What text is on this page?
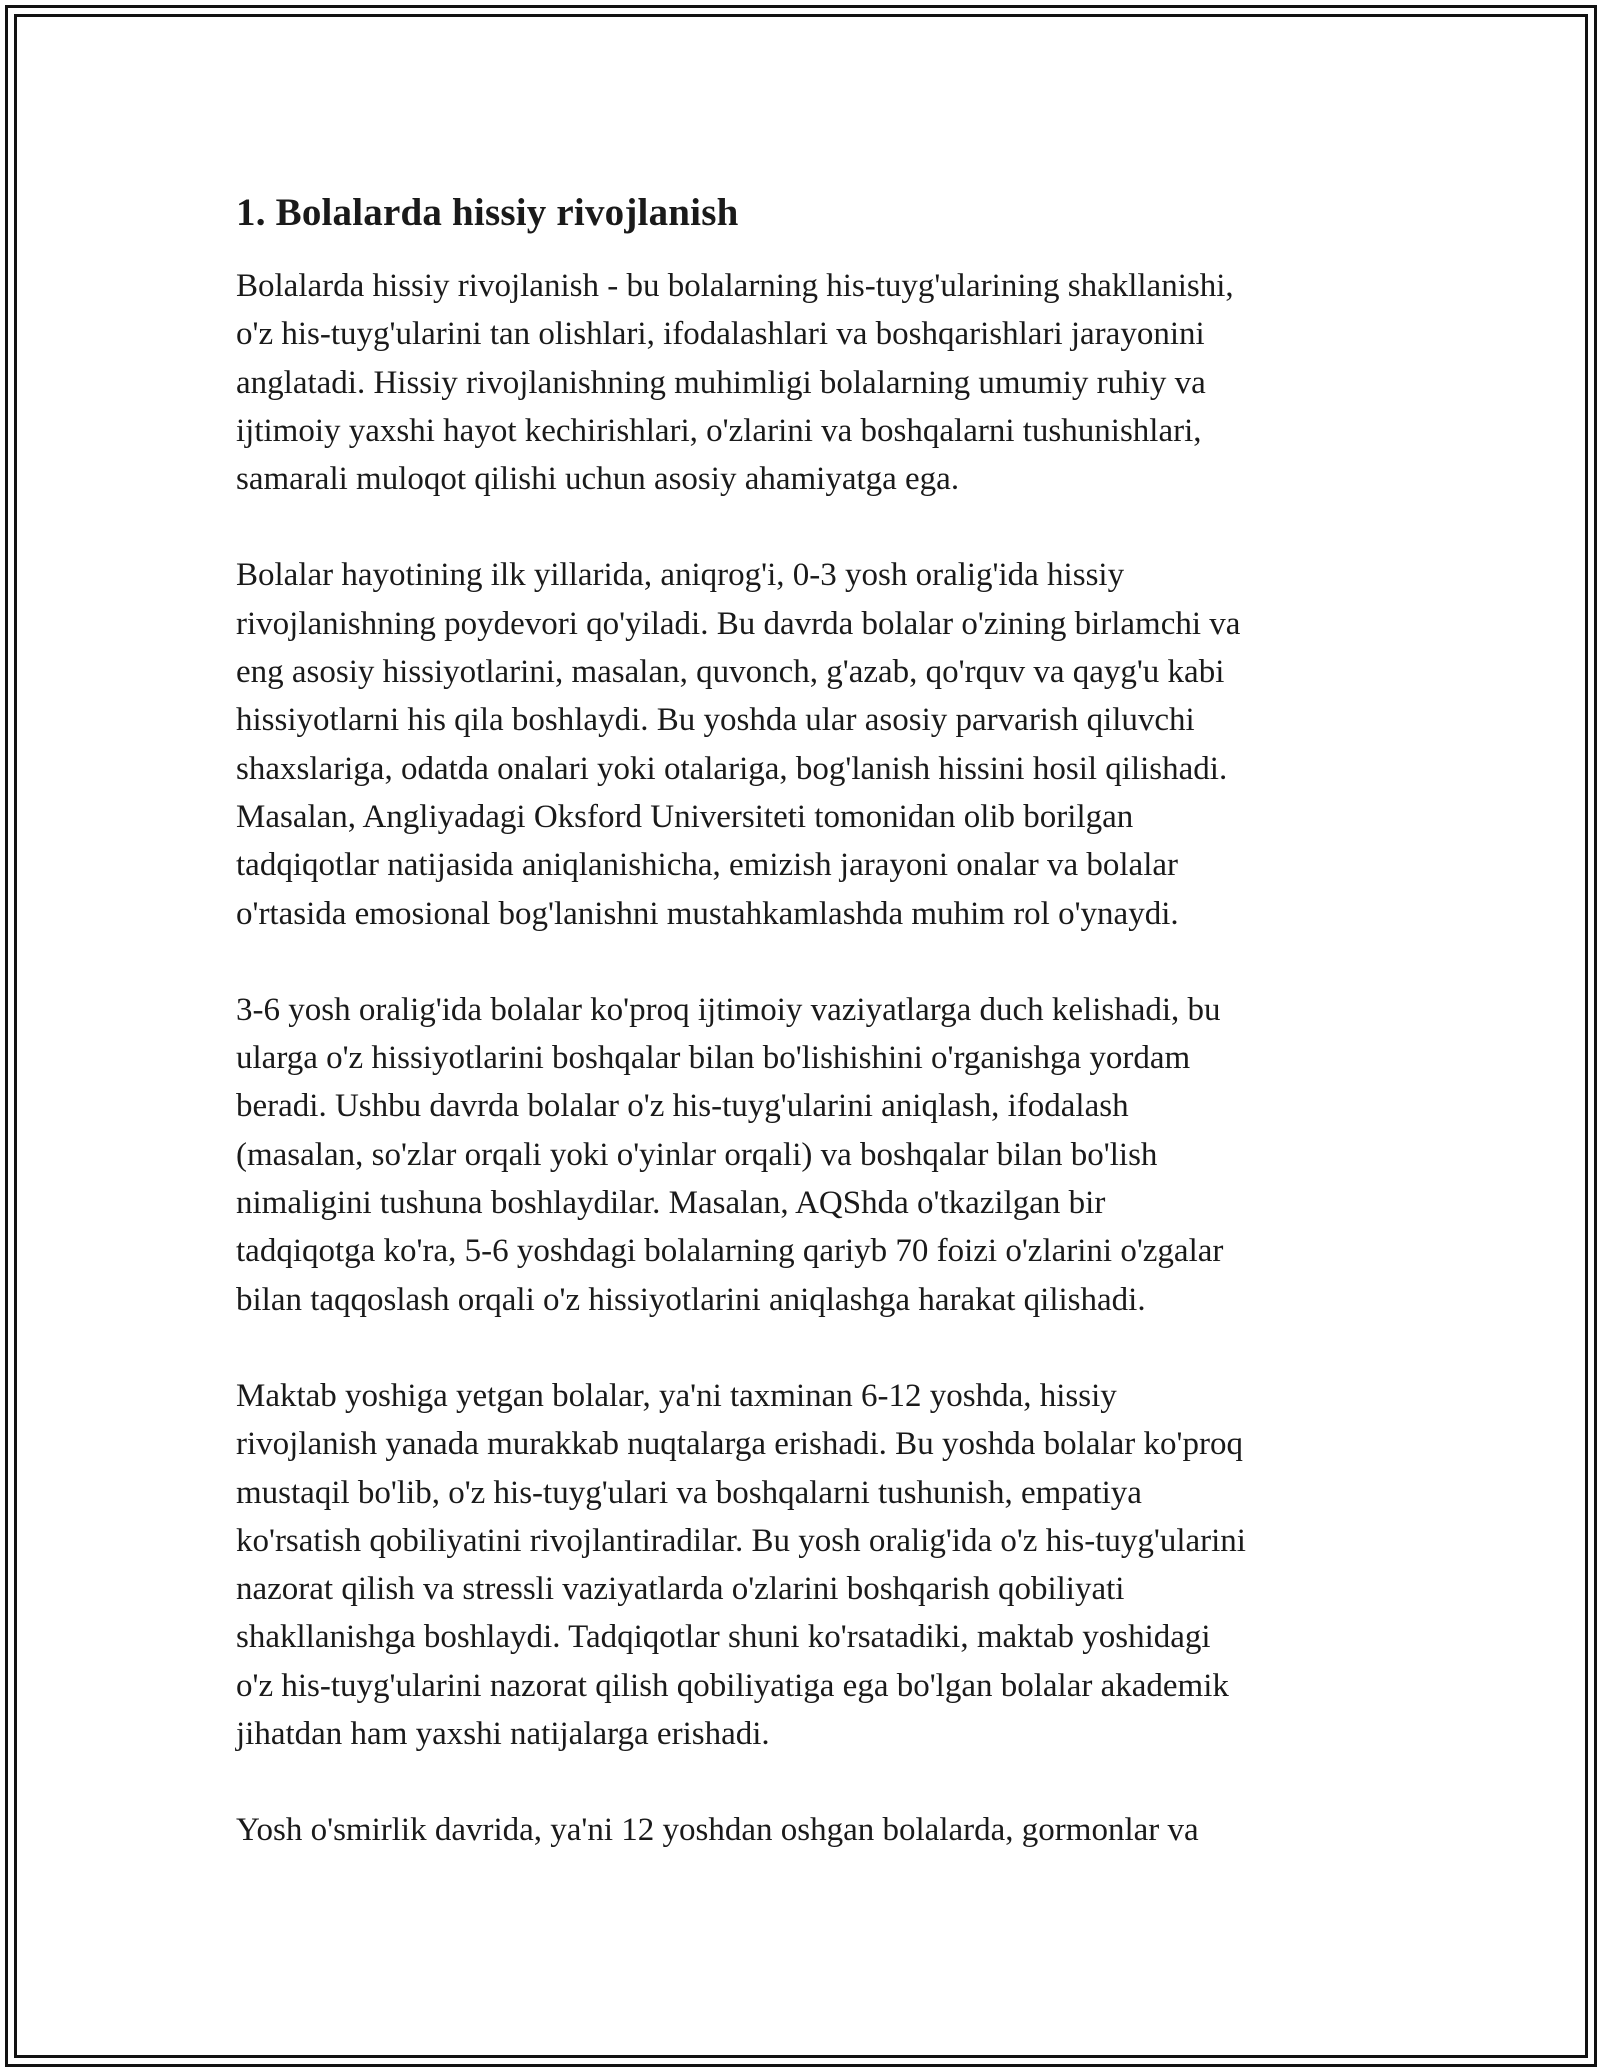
1. Bolalarda hissiy rivojlanish

Bolalarda hissiy rivojlanish - bu bolalarning his-tuyg'ularining shakllanishi,
o'z his-tuyg'ularini tan olishlari, ifodalashlari va boshqarishlari jarayonini
anglatadi. Hissiy rivojlanishning muhimligi bolalarning umumiy ruhiy va
ijtimoiy yaxshi hayot kechirishlari, o'zlarini va boshqalarni tushunishlari,
samarali muloqot qilishi uchun asosiy ahamiyatga ega.

Bolalar hayotining ilk yillarida, aniqrog'i, 0-3 yosh oralig'ida hissiy
rivojlanishning poydevori qo'yiladi. Bu davrda bolalar o'zining birlamchi va
eng asosiy hissiyotlarini, masalan, quvonch, g'azab, qo'rquv va qayg'u kabi
hissiyotlarni his qila boshlaydi. Bu yoshda ular asosiy parvarish qiluvchi
shaxslariga, odatda onalari yoki otalariga, bog'lanish hissini hosil qilishadi.
Masalan, Angliyadagi Oksford Universiteti tomonidan olib borilgan
tadqiqotlar natijasida aniqlanishicha, emizish jarayoni onalar va bolalar
o'rtasida emosional bog'lanishni mustahkamlashda muhim rol o'ynaydi.

3-6 yosh oralig'ida bolalar ko'proq ijtimoiy vaziyatlarga duch kelishadi, bu
ularga o'z hissiyotlarini boshqalar bilan bo'lishishini o'rganishga yordam
beradi. Ushbu davrda bolalar o'z his-tuyg'ularini aniqlash, ifodalash
(masalan, so'zlar orqali yoki o'yinlar orqali) va boshqalar bilan bo'lish
nimaligini tushuna boshlaydilar. Masalan, AQShda o'tkazilgan bir
tadqiqotga ko'ra, 5-6 yoshdagi bolalarning qariyb 70 foizi o'zlarini o'zgalar
bilan taqqoslash orqali o'z hissiyotlarini aniqlashga harakat qilishadi.

Maktab yoshiga yetgan bolalar, ya'ni taxminan 6-12 yoshda, hissiy
rivojlanish yanada murakkab nuqtalarga erishadi. Bu yoshda bolalar ko'proq
mustaqil bo'lib, o'z his-tuyg'ulari va boshqalarni tushunish, empatiya
ko'rsatish qobiliyatini rivojlantiradilar. Bu yosh oralig'ida o'z his-tuyg'ularini
nazorat qilish va stressli vaziyatlarda o'zlarini boshqarish qobiliyati
shakllanishga boshlaydi. Tadqiqotlar shuni ko'rsatadiki, maktab yoshidagi
o'z his-tuyg'ularini nazorat qilish qobiliyatiga ega bo'lgan bolalar akademik
jihatdan ham yaxshi natijalarga erishadi.

Yosh o'smirlik davrida, ya'ni 12 yoshdan oshgan bolalarda, gormonlar va
